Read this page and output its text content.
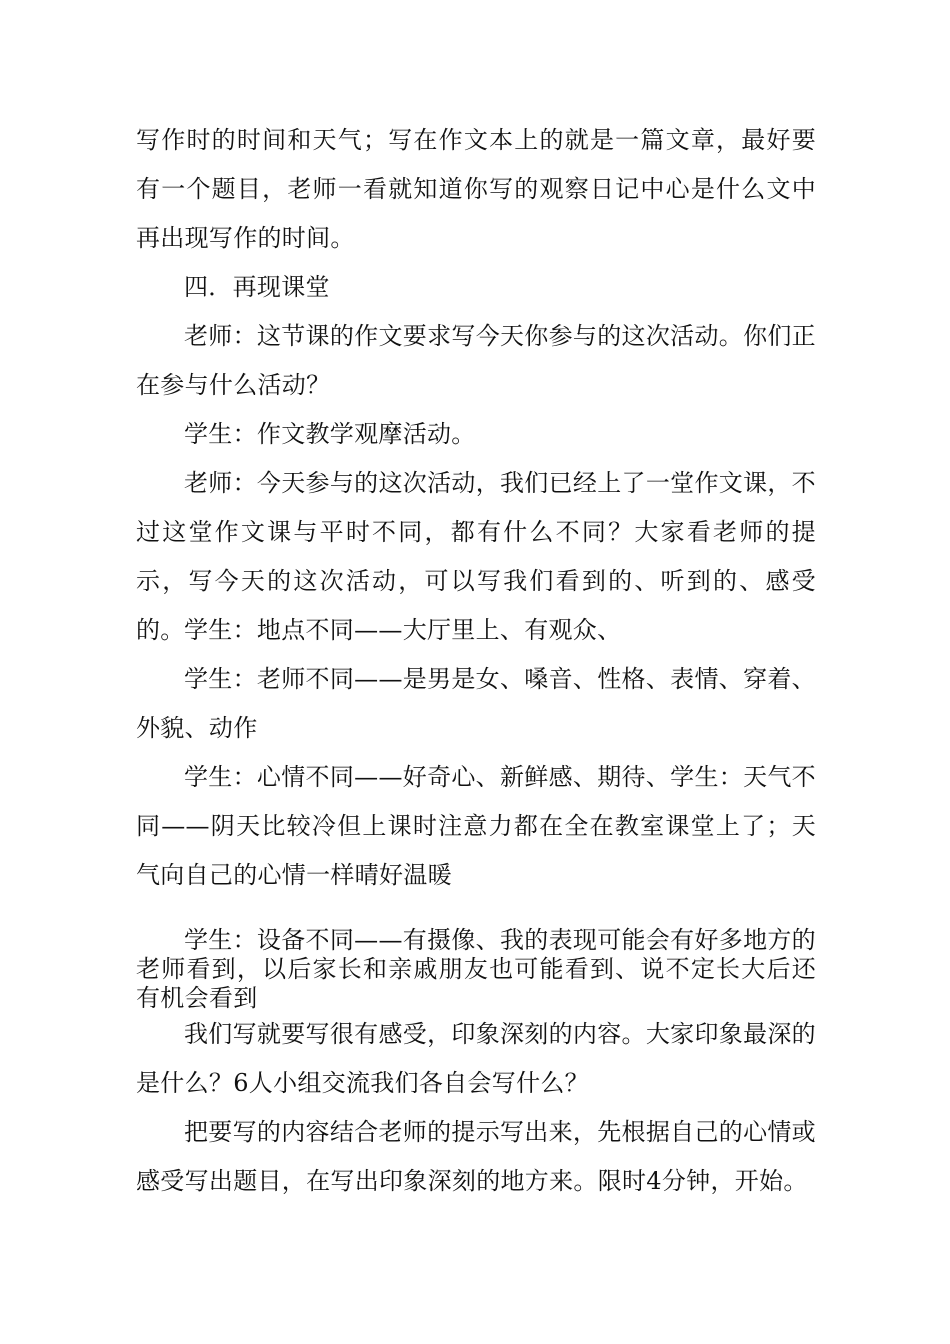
写作时的时间和天气；写在作文本上的就是一篇文章，最好要有一个题目，老师一看就知道你写的观察日记中心是什么文中再出现写作的时间。

四．再现课堂

老师：这节课的作文要求写今天你参与的这次活动。你们正在参与什么活动？

学生：作文教学观摩活动。

老师：今天参与的这次活动，我们已经上了一堂作文课，不过这堂作文课与平时不同，都有什么不同？大家看老师的提示，写今天的这次活动，可以写我们看到的、听到的、感受的。 学生：地点不同——大厅里上、有观众、

学生：老师不同——是男是女、嗓音、性格、表情、穿着、外貌、动作

学生：心情不同——好奇心、新鲜感、期待、学生：天气不同——阴天比较冷但上课时注意力都在全在教室课堂上了；天气向自己的心情一样晴好温暖

学生：设备不同——有摄像、我的表现可能会有好多地方的老师看到，以后家长和亲戚朋友也可能看到、说不定长大后还有机会看到

我们写就要写很有感受，印象深刻的内容。大家印象最深的是什么？6人小组交流我们各自会写什么？

把要写的内容结合老师的提示写出来，先根据自己的心情或感受写出题目，在写出印象深刻的地方来。限时4分钟，开始。
